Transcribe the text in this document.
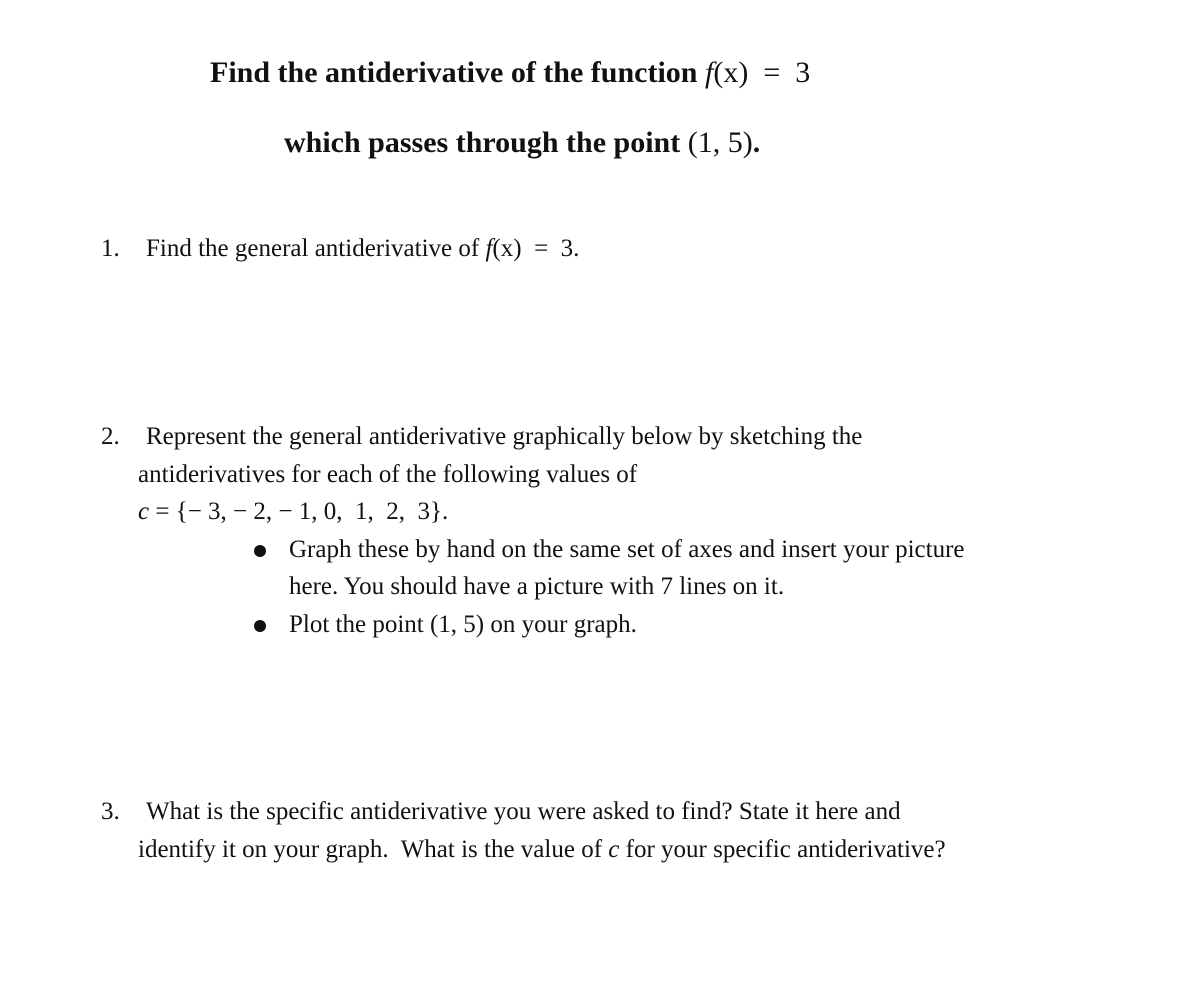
Find the antiderivative of the function f(x)  =  3
which passes through the point (1, 5).
1. Find the general antiderivative of f(x)  =  3.
2. Represent the general antiderivative graphically below by sketching the
antiderivatives for each of the following values of
c = {− 3, − 2, − 1, 0,  1,  2,  3}.
Graph these by hand on the same set of axes and insert your picture
here. You should have a picture with 7 lines on it.
Plot the point (1, 5) on your graph.
3. What is the specific antiderivative you were asked to find? State it here and
identify it on your graph.  What is the value of c for your specific antiderivative?
